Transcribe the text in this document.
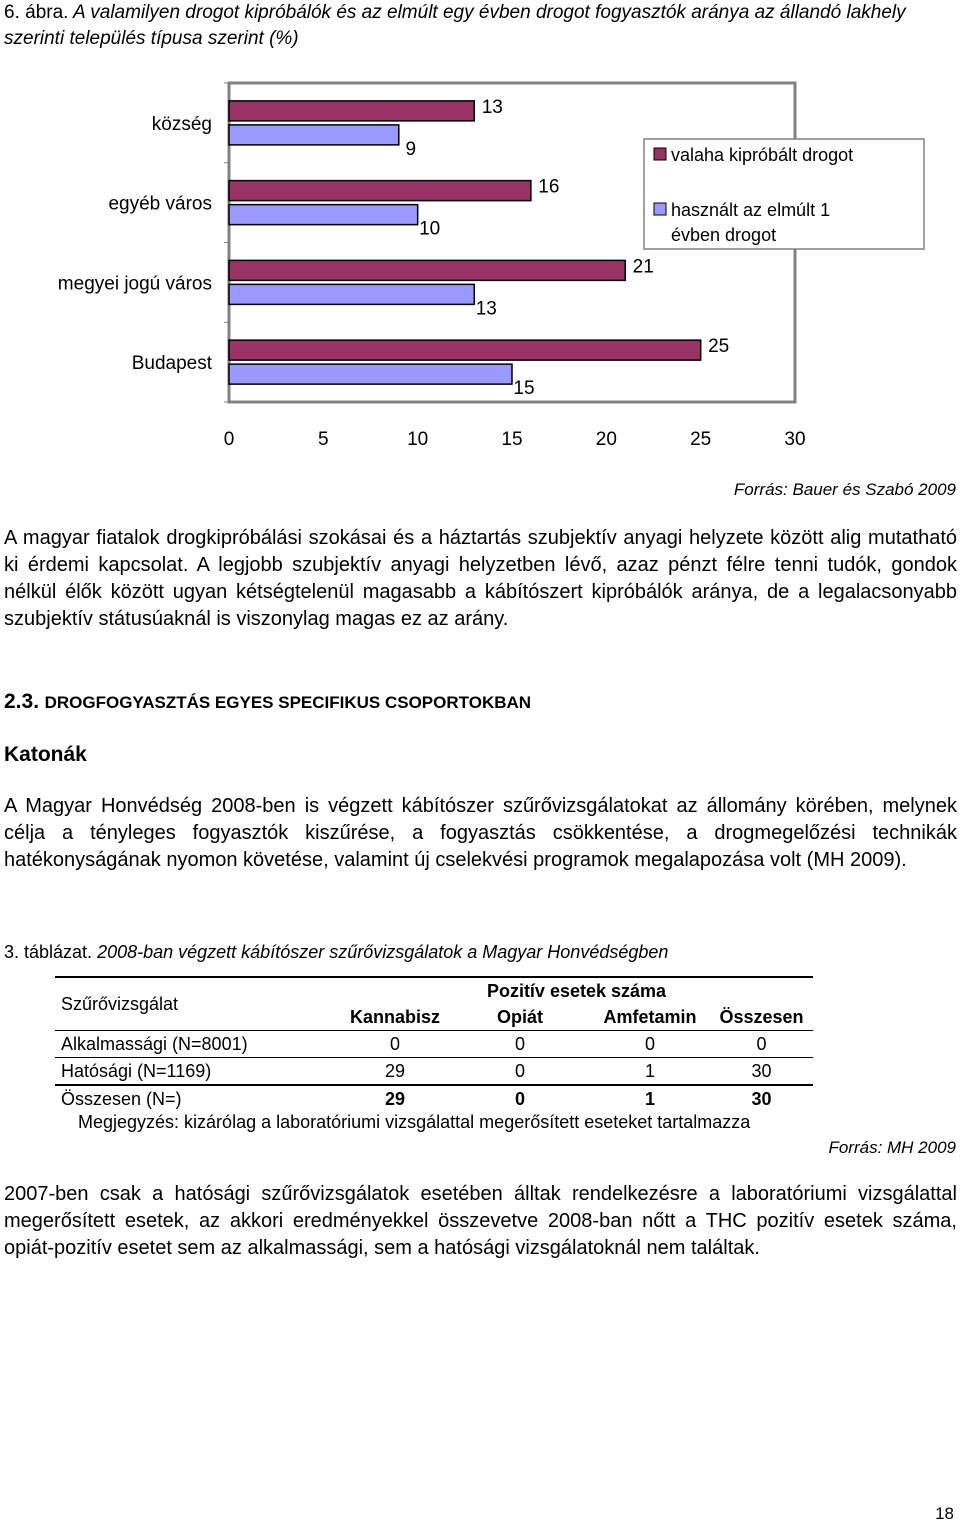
6. ábra. A valamilyen drogot kipróbálók és az elmúlt egy évben drogot fogyasztók aránya az állandó lakhely szerinti település típusa szerint (%)
község
13
9
egyéb város
16
10
megyei jogú város
21
13
Budapest
25
15
0	5	10	15	20	25	30
valaha kipróbált drogot
használt az elmúlt 1
évben drogot
Forrás: Bauer és Szabó 2009
A magyar fiatalok drogkipróbálási szokásai és a háztartás szubjektív anyagi helyzete között alig mutatható ki érdemi kapcsolat. A legjobb szubjektív anyagi helyzetben lévő, azaz pénzt félre tenni tudók, gondok nélkül élők között ugyan kétségtelenül magasabb a kábítószert kipróbálók aránya, de a legalacsonyabb szubjektív státusúaknál is viszonylag magas ez az arány.
2.3. DROGFOGYASZTÁS EGYES SPECIFIKUS CSOPORTOKBAN
Katonák
A Magyar Honvédség 2008-ben is végzett kábítószer szűrővizsgálatokat az állomány körében, melynek célja a tényleges fogyasztók kiszűrése, a fogyasztás csökkentése, a drogmegelőzési technikák hatékonyságának nyomon követése, valamint új cselekvési programok megalapozása volt (MH 2009).
3. táblázat. 2008-ban végzett kábítószer szűrővizsgálatok a Magyar Honvédségben
Szűrővizsgálat	Pozitív esetek száma			
	Kannabisz	Opiát	Amfetamin	Összesen
Alkalmassági (N=8001)	0	0	0	0
Hatósági (N=1169)	29	0	1	30
Összesen (N=)	29	0	1	30
Megjegyzés: kizárólag a laboratóriumi vizsgálattal megerősített eseteket tartalmazza
Forrás: MH 2009
2007-ben csak a hatósági szűrővizsgálatok esetében álltak rendelkezésre a laboratóriumi vizsgálattal megerősített esetek, az akkori eredményekkel összevetve 2008-ban nőtt a THC pozitív esetek száma, opiát-pozitív esetet sem az alkalmassági, sem a hatósági vizsgálatoknál nem találtak.
18
